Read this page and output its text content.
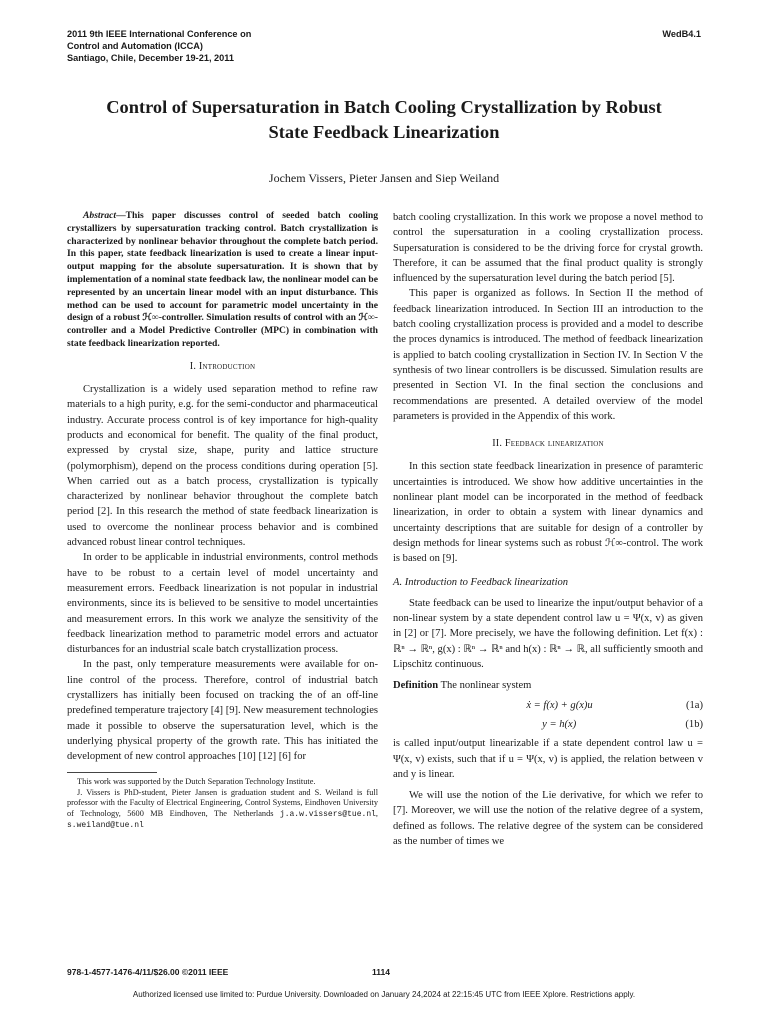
2011 9th IEEE International Conference on
Control and Automation (ICCA)
Santiago, Chile, December 19-21, 2011
WedB4.1
Control of Supersaturation in Batch Cooling Crystallization by Robust
State Feedback Linearization
Jochem Vissers, Pieter Jansen and Siep Weiland

Abstract—This paper discusses control of seeded batch cooling crystallizers by supersaturation tracking control. Batch crystallization is characterized by nonlinear behavior throughout the complete batch period. In this paper, state feedback linearization is used to create a linear input-output mapping for the absolute supersaturation. It is shown that by implementation of a nominal state feedback law, the nonlinear model can be represented by an uncertain linear model with an input disturbance. This method can be used to account for parametric model uncertainty in the design of a robust ℋ∞-controller. Simulation results of control with an ℋ∞-controller and a Model Predictive Controller (MPC) in combination with state feedback linearization reported.

I. Introduction

Crystallization is a widely used separation method to refine raw materials to a high purity, e.g. for the semi-conductor and pharmaceutical industry. Accurate process control is of key importance for high-quality products and economical for benefit. The quality of the final product, expressed by crystal size, shape, purity and lattice structure (polymorphism), depend on the process conditions during operation [5]. When carried out as a batch process, crystallization is typically characterized by nonlinear behavior throughout the complete batch period [2]. In this research the method of state feedback linearization is used to overcome the nonlinear process behavior and is combined advanced robust linear control techniques.

In order to be applicable in industrial environments, control methods have to be robust to a certain level of model uncertainty and measurement errors. Feedback linearization is not popular in industrial environments, since its is believed to be sensitive to model uncertainties and measurement errors. In this work we analyze the sensitivity of the feedback linearization method to parametric model errors and actuator disturbances for an industrial scale batch crystallization process.

In the past, only temperature measurements were available for on-line control of the process. Therefore, control of industrial batch crystallizers has initially been focused on tracking the of an off-line predefined temperature trajectory [4] [9]. New measurement technologies made it possible to observe the supersaturation level, which is the underlying physical property of the growth rate. This has initiated the development of new control approaches [10] [12] [6] for

This work was supported by the Dutch Separation Technology Institute.

J. Vissers is PhD-student, Pieter Jansen is graduation student and S. Weiland is full professor with the Faculty of Electrical Engineering, Control Systems, Eindhoven University of Technology, 5600 MB Eindhoven, The Netherlands j.a.w.vissers@tue.nl, s.weiland@tue.nl

batch cooling crystallization. In this work we propose a novel method to control the supersaturation in a cooling crystallization process. Supersaturation is considered to be the driving force for crystal growth. Therefore, it can be assumed that the final product quality is strongly influenced by the supersaturation level during the batch period [5].

This paper is organized as follows. In Section II the method of feedback linearization introduced. In Section III an introduction to the batch cooling crystallization process is provided and a model to describe the proces dynamics is introduced. The method of feedback linearization is applied to batch cooling crystallization in Section IV. In Section V the synthesis of two linear controllers is be discussed. Simulation results are presented in Section VI. In the final section the conclusions and recommendations are presented. A detailed overview of the model parameters is provided in the Appendix of this work.

II. Feedback linearization

In this section state feedback linearization in presence of paramteric uncertainties is introduced. We show how additive uncertainties in the nonlinear plant model can be incorporated in the method of feedback linearization, in order to obtain a system with linear dynamics and uncertainty descriptions that are suitable for design of a controller by design methods for linear systems such as robust ℋ∞-control. The work is based on [9].

A. Introduction to Feedback linearization

State feedback can be used to linearize the input/output behavior of a non-linear system by a state dependent control law u = Ψ(x, v) as given in [2] or [7]. More precisely, we have the following definition. Let f(x) : ℝⁿ → ℝⁿ, g(x) : ℝⁿ → ℝⁿ and h(x) : ℝⁿ → ℝ, all sufficiently smooth and Lipschitz continuous.

Definition The nonlinear system

ẋ = f(x) + g(x)u	(1a)
y = h(x)	(1b)

is called input/output linearizable if a state dependent control law u = Ψ(x, v) exists, such that if u = Ψ(x, v) is applied, the relation between v and y is linear.

We will use the notion of the Lie derivative, for which we refer to [7]. Moreover, we will use the notion of the relative degree of a system, defined as follows. The relative degree of the system can be considered as the number of times we

978-1-4577-1476-4/11/$26.00 ©2011 IEEE	1114
Authorized licensed use limited to: Purdue University. Downloaded on January 24,2024 at 22:15:45 UTC from IEEE Xplore. Restrictions apply.
